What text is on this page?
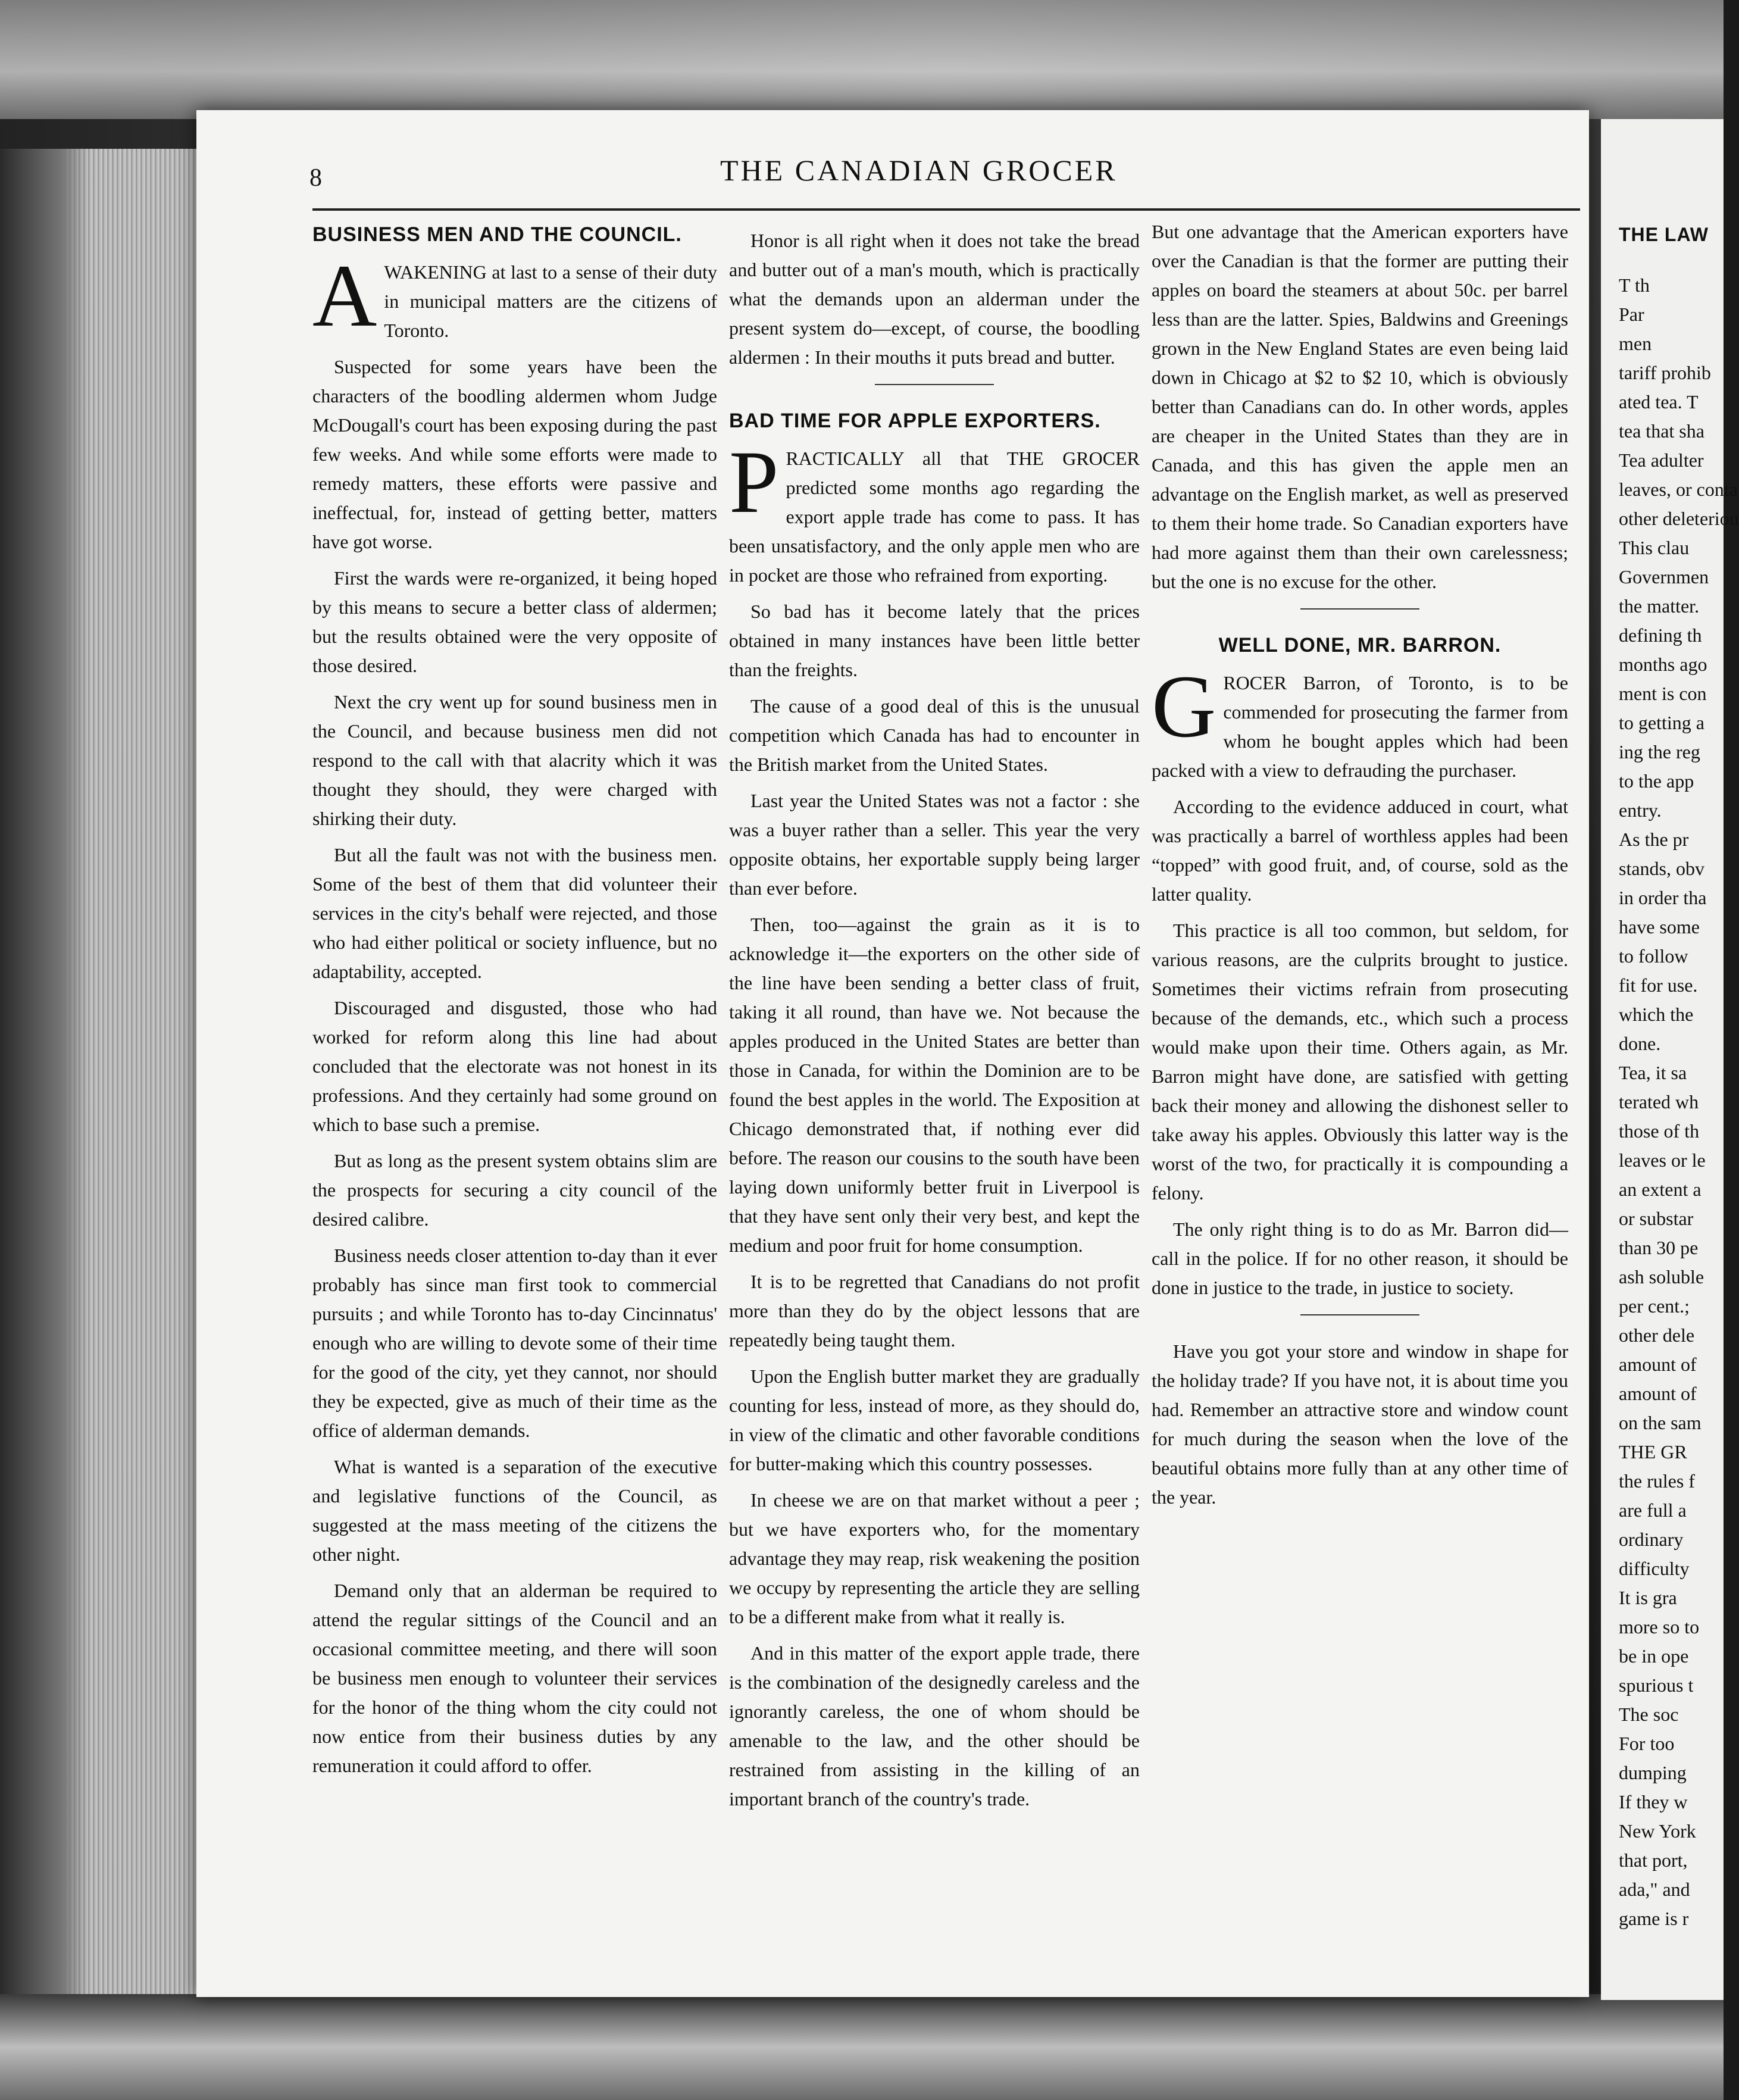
8	THE CANADIAN GROCER
BUSINESS MEN AND THE COUNCIL.

AWAKENING at last to a sense of their duty in municipal matters are the citizens of Toronto.

Suspected for some years have been the characters of the boodling aldermen whom Judge McDougall's court has been exposing during the past few weeks. And while some efforts were made to remedy matters, these efforts were passive and ineffectual, for, instead of getting better, matters have got worse.

First the wards were re-organized, it being hoped by this means to secure a better class of aldermen; but the results obtained were the very opposite of those desired.

Next the cry went up for sound business men in the Council, and because business men did not respond to the call with that alacrity which it was thought they should, they were charged with shirking their duty.

But all the fault was not with the business men. Some of the best of them that did volunteer their services in the city's behalf were rejected, and those who had either political or society influence, but no adaptability, accepted.

Discouraged and disgusted, those who had worked for reform along this line had about concluded that the electorate was not honest in its professions. And they certainly had some ground on which to base such a premise.

But as long as the present system obtains slim are the prospects for securing a city council of the desired calibre.

Business needs closer attention to-day than it ever probably has since man first took to commercial pursuits ; and while Toronto has to-day Cincinnatus' enough who are willing to devote some of their time for the good of the city, yet they cannot, nor should they be expected, give as much of their time as the office of alderman demands.

What is wanted is a separation of the executive and legislative functions of the Council, as suggested at the mass meeting of the citizens the other night.

Demand only that an alderman be required to attend the regular sittings of the Council and an occasional committee meeting, and there will soon be business men enough to volunteer their services for the honor of the thing whom the city could not now entice from their business duties by any remuneration it could afford to offer.

Honor is all right when it does not take the bread and butter out of a man's mouth, which is practically what the demands upon an alderman under the present system do—except, of course, the boodling aldermen : In their mouths it puts bread and butter.

BAD TIME FOR APPLE EXPORTERS.

PRACTICALLY all that THE GROCER predicted some months ago regarding the export apple trade has come to pass. It has been unsatisfactory, and the only apple men who are in pocket are those who refrained from exporting.

So bad has it become lately that the prices obtained in many instances have been little better than the freights.

The cause of a good deal of this is the unusual competition which Canada has had to encounter in the British market from the United States.

Last year the United States was not a factor : she was a buyer rather than a seller. This year the very opposite obtains, her exportable supply being larger than ever before.

Then, too—against the grain as it is to acknowledge it—the exporters on the other side of the line have been sending a better class of fruit, taking it all round, than have we. Not because the apples produced in the United States are better than those in Canada, for within the Dominion are to be found the best apples in the world. The Exposition at Chicago demonstrated that, if nothing ever did before. The reason our cousins to the south have been laying down uniformly better fruit in Liverpool is that they have sent only their very best, and kept the medium and poor fruit for home consumption.

It is to be regretted that Canadians do not profit more than they do by the object lessons that are repeatedly being taught them.

Upon the English butter market they are gradually counting for less, instead of more, as they should do, in view of the climatic and other favorable conditions for butter-making which this country possesses.

In cheese we are on that market without a peer ; but we have exporters who, for the momentary advantage they may reap, risk weakening the position we occupy by representing the article they are selling to be a different make from what it really is.

And in this matter of the export apple trade, there is the combination of the designedly careless and the ignorantly careless, the one of whom should be amenable to the law, and the other should be restrained from assisting in the killing of an important branch of the country's trade.

But one advantage that the American exporters have over the Canadian is that the former are putting their apples on board the steamers at about 50c. per barrel less than are the latter. Spies, Baldwins and Greenings grown in the New England States are even being laid down in Chicago at $2 to $2 10, which is obviously better than Canadians can do. In other words, apples are cheaper in the United States than they are in Canada, and this has given the apple men an advantage on the English market, as well as preserved to them their home trade. So Canadian exporters have had more against them than their own carelessness; but the one is no excuse for the other.

WELL DONE, MR. BARRON.

GROCER Barron, of Toronto, is to be commended for prosecuting the farmer from whom he bought apples which had been packed with a view to defrauding the purchaser.

According to the evidence adduced in court, what was practically a barrel of worthless apples had been “topped” with good fruit, and, of course, sold as the latter quality.

This practice is all too common, but seldom, for various reasons, are the culprits brought to justice. Sometimes their victims refrain from prosecuting because of the demands, etc., which such a process would make upon their time. Others again, as Mr. Barron might have done, are satisfied with getting back their money and allowing the dishonest seller to take away his apples. Obviously this latter way is the worst of the two, for practically it is compounding a felony.

The only right thing is to do as Mr. Barron did—call in the police. If for no other reason, it should be done in justice to the trade, in justice to society.

Have you got your store and window in shape for the holiday trade? If you have not, it is about time you had. Remember an attractive store and window count for much during the season when the love of the beautiful obtains more fully than at any other time of the year.

THE LAW
T th
Par
men
tariff prohib
ated tea. T
tea that sha
Tea adulter
leaves, or conta
other deleteriou
This clau
Governmen
the matter.
defining th
months ago
ment is con
to getting a
ing the reg
to the app
entry.
As the pr
stands, obv
in order tha
have some
to follow
fit for use.
which the
done.
Tea, it sa
terated wh
those of th
leaves or le
an extent a
or substar
than 30 pe
ash soluble
per cent.;
other dele
amount of
amount of
on the sam
THE GR
the rules f
are full a
ordinary
difficulty
It is gra
more so to
be in ope
spurious t
The soc
For too
dumping
If they w
New York
that port,
ada," and
game is r
